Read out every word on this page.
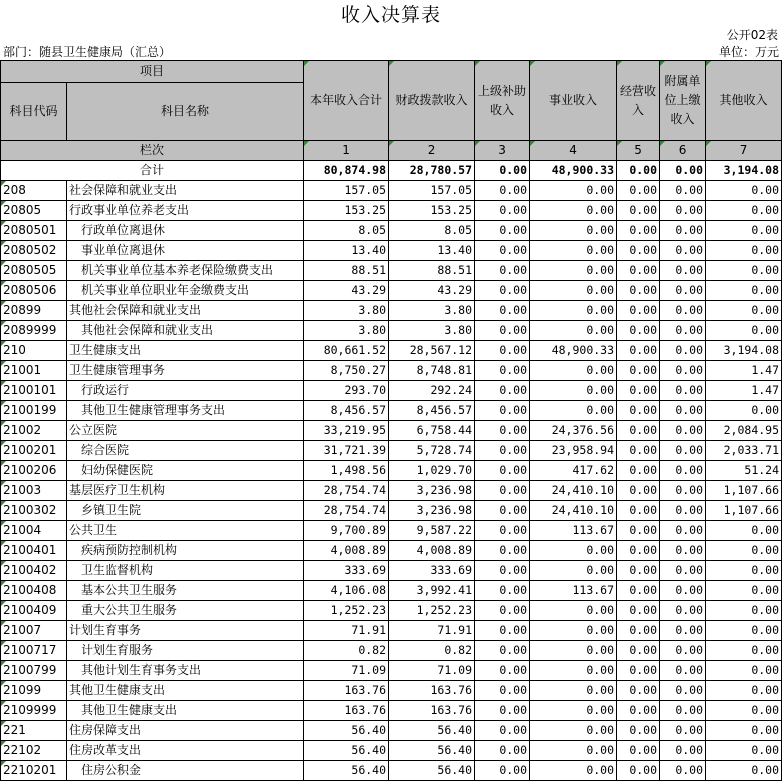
收入决算表
公开02表
部门：随县卫生健康局（汇总）	单位：万元
项目		本年收入合计	财政拨款收入	上级补助收入	事业收入	经营收入	附属单位上缴收入	其他收入
科目代码	科目名称							
栏次		1	2	3	4	5	6	7
合计		80,874.98	28,780.57	0.00	48,900.33	0.00	0.00	3,194.08
208	社会保障和就业支出	157.05	157.05	0.00	0.00	0.00	0.00	0.00
20805	行政事业单位养老支出	153.25	153.25	0.00	0.00	0.00	0.00	0.00
2080501	行政单位离退休	8.05	8.05	0.00	0.00	0.00	0.00	0.00
2080502	事业单位离退休	13.40	13.40	0.00	0.00	0.00	0.00	0.00
2080505	机关事业单位基本养老保险缴费支出	88.51	88.51	0.00	0.00	0.00	0.00	0.00
2080506	机关事业单位职业年金缴费支出	43.29	43.29	0.00	0.00	0.00	0.00	0.00
20899	其他社会保障和就业支出	3.80	3.80	0.00	0.00	0.00	0.00	0.00
2089999	其他社会保障和就业支出	3.80	3.80	0.00	0.00	0.00	0.00	0.00
210	卫生健康支出	80,661.52	28,567.12	0.00	48,900.33	0.00	0.00	3,194.08
21001	卫生健康管理事务	8,750.27	8,748.81	0.00	0.00	0.00	0.00	1.47
2100101	行政运行	293.70	292.24	0.00	0.00	0.00	0.00	1.47
2100199	其他卫生健康管理事务支出	8,456.57	8,456.57	0.00	0.00	0.00	0.00	0.00
21002	公立医院	33,219.95	6,758.44	0.00	24,376.56	0.00	0.00	2,084.95
2100201	综合医院	31,721.39	5,728.74	0.00	23,958.94	0.00	0.00	2,033.71
2100206	妇幼保健医院	1,498.56	1,029.70	0.00	417.62	0.00	0.00	51.24
21003	基层医疗卫生机构	28,754.74	3,236.98	0.00	24,410.10	0.00	0.00	1,107.66
2100302	乡镇卫生院	28,754.74	3,236.98	0.00	24,410.10	0.00	0.00	1,107.66
21004	公共卫生	9,700.89	9,587.22	0.00	113.67	0.00	0.00	0.00
2100401	疾病预防控制机构	4,008.89	4,008.89	0.00	0.00	0.00	0.00	0.00
2100402	卫生监督机构	333.69	333.69	0.00	0.00	0.00	0.00	0.00
2100408	基本公共卫生服务	4,106.08	3,992.41	0.00	113.67	0.00	0.00	0.00
2100409	重大公共卫生服务	1,252.23	1,252.23	0.00	0.00	0.00	0.00	0.00
21007	计划生育事务	71.91	71.91	0.00	0.00	0.00	0.00	0.00
2100717	计划生育服务	0.82	0.82	0.00	0.00	0.00	0.00	0.00
2100799	其他计划生育事务支出	71.09	71.09	0.00	0.00	0.00	0.00	0.00
21099	其他卫生健康支出	163.76	163.76	0.00	0.00	0.00	0.00	0.00
2109999	其他卫生健康支出	163.76	163.76	0.00	0.00	0.00	0.00	0.00
221	住房保障支出	56.40	56.40	0.00	0.00	0.00	0.00	0.00
22102	住房改革支出	56.40	56.40	0.00	0.00	0.00	0.00	0.00
2210201	住房公积金	56.40	56.40	0.00	0.00	0.00	0.00	0.00
